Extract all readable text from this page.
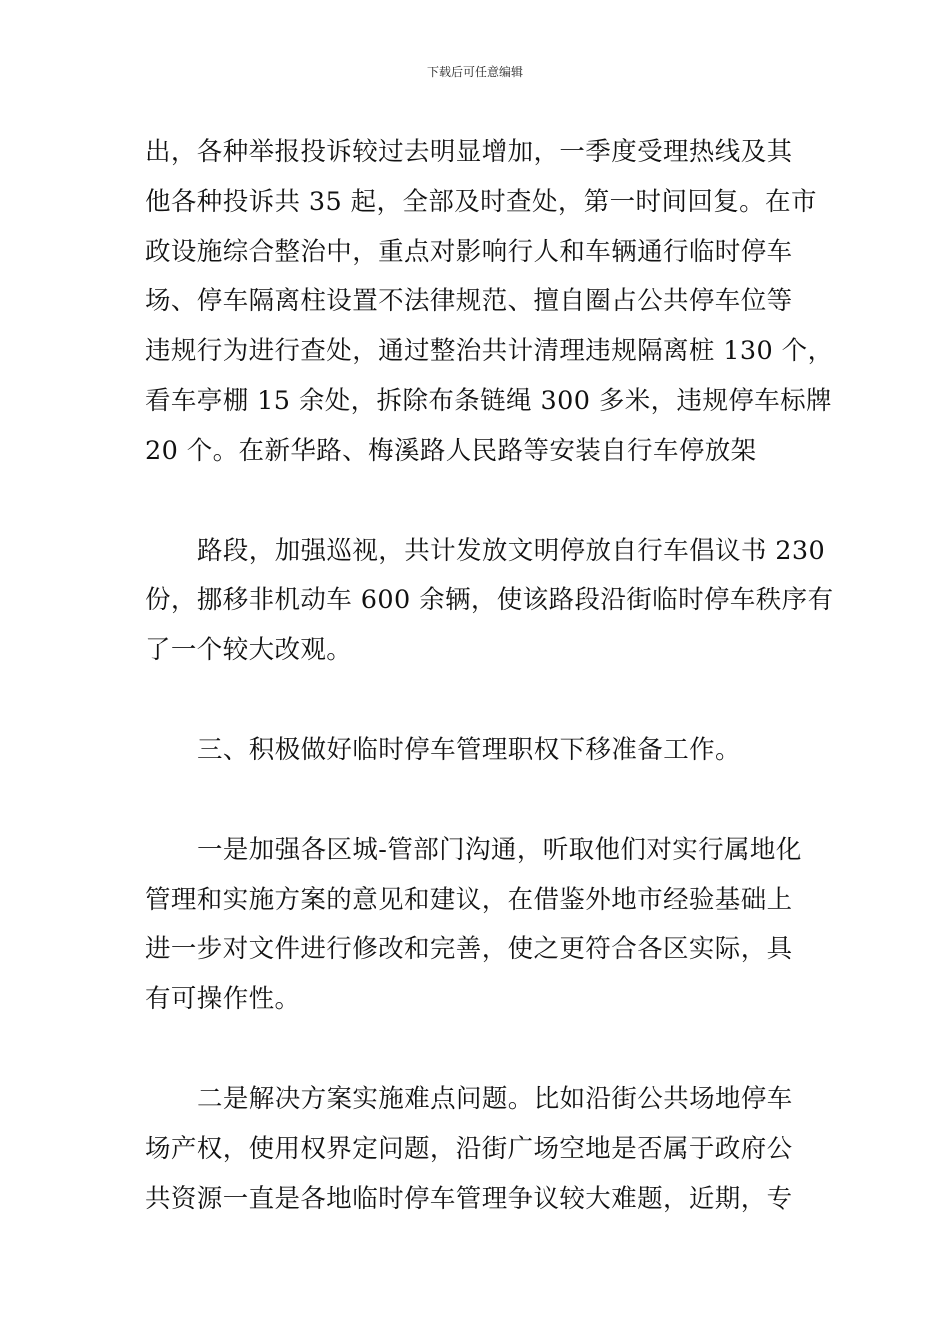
下载后可任意编辑

出，各种举报投诉较过去明显增加，一季度受理热线及其
他各种投诉共 35 起，全部及时查处，第一时间回复。在市
政设施综合整治中，重点对影响行人和车辆通行临时停车
场、停车隔离柱设置不法律规范、擅自圈占公共停车位等
违规行为进行查处，通过整治共计清理违规隔离桩 130 个，
看车亭棚 15 余处，拆除布条链绳 300 多米，违规停车标牌
20 个。在新华路、梅溪路人民路等安装自行车停放架

路段，加强巡视，共计发放文明停放自行车倡议书 230
份，挪移非机动车 600 余辆，使该路段沿街临时停车秩序有
了一个较大改观。

三、积极做好临时停车管理职权下移准备工作。

一是加强各区城-管部门沟通，听取他们对实行属地化
管理和实施方案的意见和建议，在借鉴外地市经验基础上
进一步对文件进行修改和完善，使之更符合各区实际，具
有可操作性。

二是解决方案实施难点问题。比如沿街公共场地停车
场产权，使用权界定问题，沿街广场空地是否属于政府公
共资源一直是各地临时停车管理争议较大难题，近期，专
